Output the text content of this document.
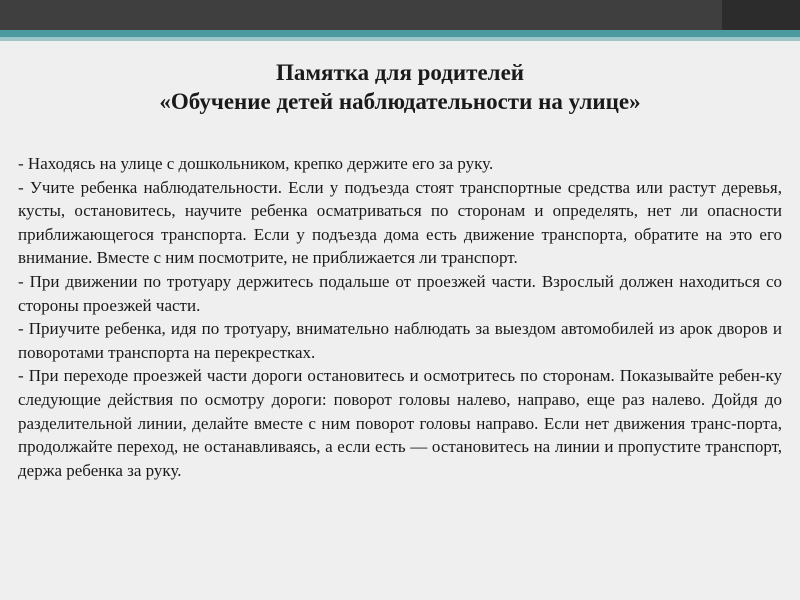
Памятка для родителей
«Обучение детей наблюдательности на улице»

- Находясь на улице с дошкольником, крепко держите его за руку.

- Учите ребенка наблюдательности. Если у подъезда стоят транспортные средства или растут деревья, кусты, остановитесь, научите ребенка осматриваться по сторонам и определять, нет ли опасности приближающегося транспорта. Если у подъезда дома есть движение транспорта, обратите на это его внимание. Вместе с ним посмотрите, не приближается ли транспорт.

- При движении по тротуару держитесь подальше от проезжей части. Взрослый должен находиться со стороны проезжей части.

- Приучите ребенка, идя по тротуару, внимательно наблюдать за выездом автомобилей из арок дворов и поворотами транспорта на перекрестках.

- При переходе проезжей части дороги остановитесь и осмотритесь по сторонам. Показывайте ребен-ку следующие действия по осмотру дороги: поворот головы налево, направо, еще раз налево. Дойдя до разделительной линии, делайте вместе с ним поворот головы направо. Если нет движения транс-порта, продолжайте переход, не останавливаясь, а если есть — остановитесь на линии и пропустите транспорт, держа ребенка за руку.
